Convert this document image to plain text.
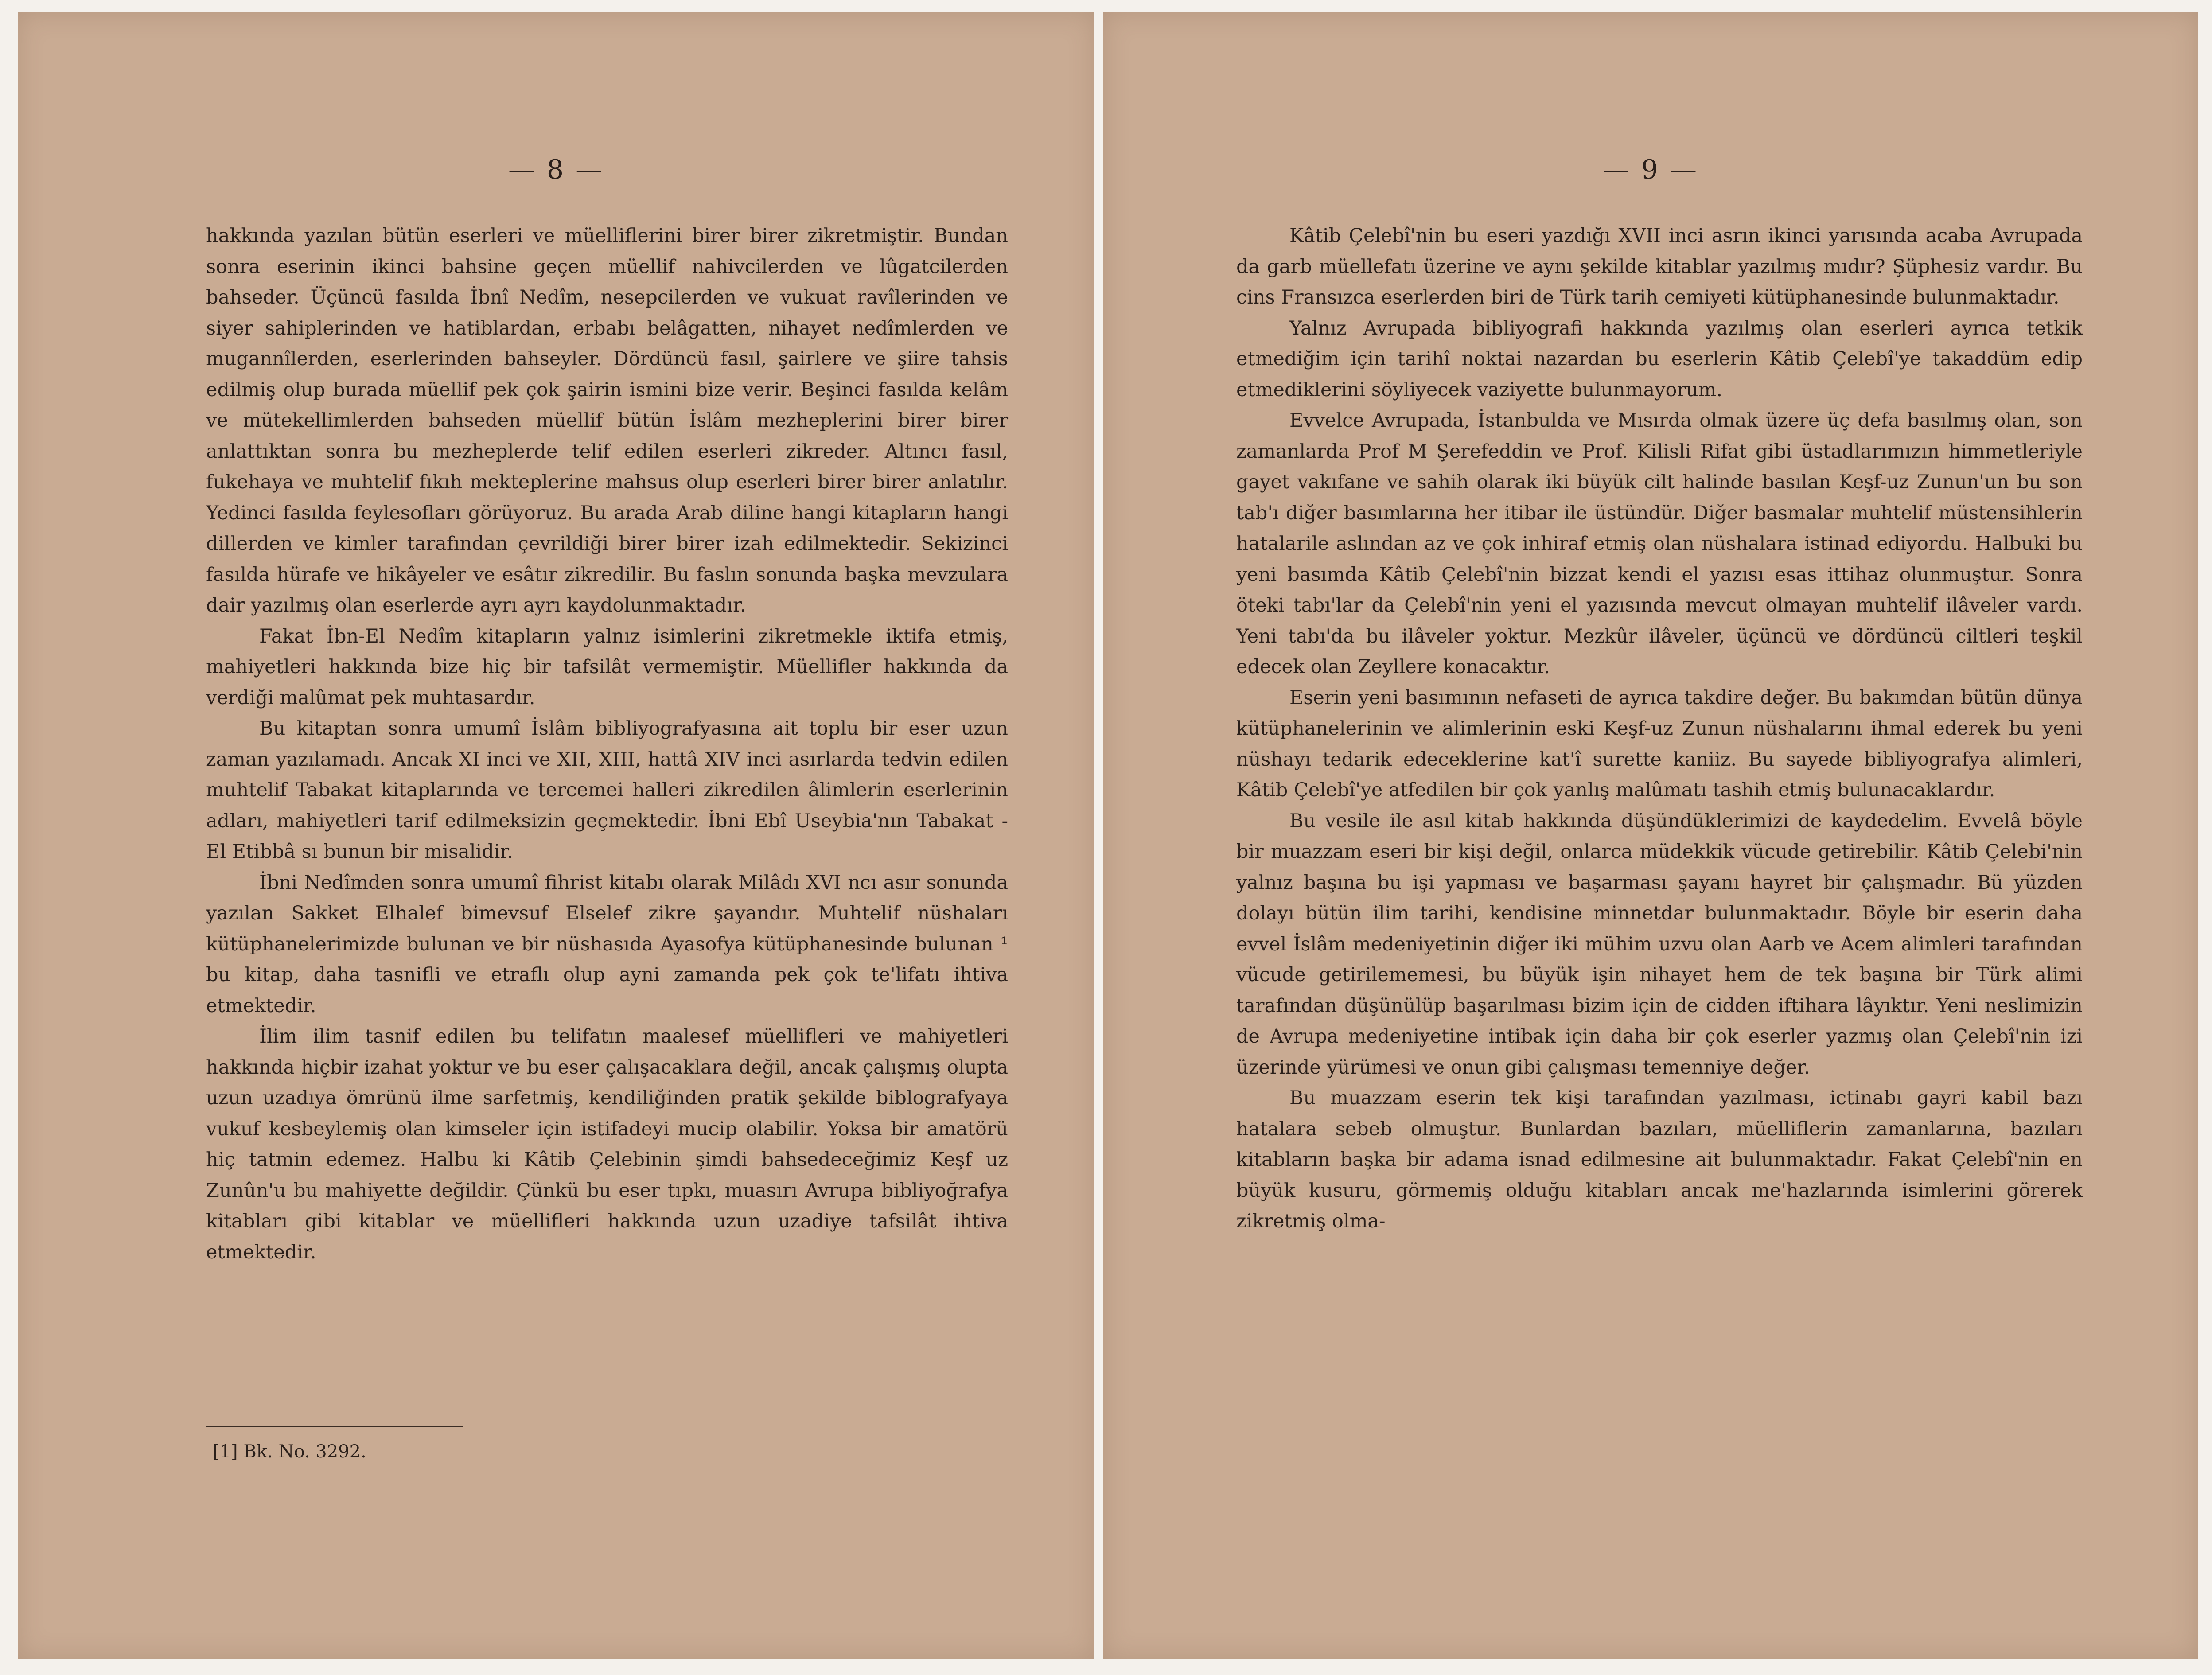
— 8 —

hakkında yazılan bütün eserleri ve müelliflerini birer birer zikretmiştir. Bundan sonra eserinin ikinci bahsine geçen müellif nahivcilerden ve lûgatcilerden bahseder. Üçüncü fasılda İbnî Nedîm, nesepcilerden ve vukuat ravîlerinden ve siyer sahiplerinden ve hatiblardan, erbabı belâgatten, nihayet nedîmlerden ve mugannîlerden, eserlerinden bahseyler. Dördüncü fasıl, şairlere ve şiire tahsis edilmiş olup burada müellif pek çok şairin ismini bize verir. Beşinci fasılda kelâm ve mütekellimlerden bahseden müellif bütün İslâm mezheplerini birer birer anlattıktan sonra bu mezheplerde telif edilen eserleri zikreder. Altıncı fasıl, fukehaya ve muhtelif fıkıh mekteplerine mahsus olup eserleri birer birer anlatılır. Yedinci fasılda feylesofları görüyoruz. Bu arada Arab diline hangi kitapların hangi dillerden ve kimler tarafından çevrildiği birer birer izah edilmektedir. Sekizinci fasılda hürafe ve hikâyeler ve esâtır zikredilir. Bu faslın sonunda başka mevzulara dair yazılmış olan eserlerde ayrı ayrı kaydolunmaktadır.

Fakat İbn-El Nedîm kitapların yalnız isimlerini zikretmekle iktifa etmiş, mahiyetleri hakkında bize hiç bir tafsilât vermemiştir. Müellifler hakkında da verdiği malûmat pek muhtasardır.

Bu kitaptan sonra umumî İslâm bibliyografyasına ait toplu bir eser uzun zaman yazılamadı. Ancak XI inci ve XII, XIII, hattâ XIV inci asırlarda tedvin edilen muhtelif Tabakat kitaplarında ve tercemei halleri zikredilen âlimlerin eserlerinin adları, mahiyetleri tarif edilmeksizin geçmektedir. İbni Ebî Useybia'nın Tabakat - El Etibbâ sı bunun bir misalidir.

İbni Nedîmden sonra umumî fihrist kitabı olarak Milâdı XVI ncı asır sonunda yazılan Sakket Elhalef bimevsuf Elselef zikre şayandır. Muhtelif nüshaları kütüphanelerimizde bulunan ve bir nüshasıda Ayasofya kütüphanesinde bulunan ¹ bu kitap, daha tasnifli ve etraflı olup ayni zamanda pek çok te'lifatı ihtiva etmektedir.

İlim ilim tasnif edilen bu telifatın maalesef müellifleri ve mahiyetleri hakkında hiçbir izahat yoktur ve bu eser çalışacaklara değil, ancak çalışmış olupta uzun uzadıya ömrünü ilme sarfetmiş, kendiliğinden pratik şekilde biblografyaya vukuf kesbeylemiş olan kimseler için istifadeyi mucip olabilir. Yoksa bir amatörü hiç tatmin edemez. Halbu ki Kâtib Çelebinin şimdi bahsedeceğimiz Keşf uz Zunûn'u bu mahiyette değildir. Çünkü bu eser tıpkı, muasırı Avrupa bibliyoğrafya kitabları gibi kitablar ve müellifleri hakkında uzun uzadiye tafsilât ihtiva etmektedir.

[1] Bk. No. 3292.
— 9 —

Kâtib Çelebî'nin bu eseri yazdığı XVII inci asrın ikinci yarısında acaba Avrupada da garb müellefatı üzerine ve aynı şekilde kitablar yazılmış mıdır? Şüphesiz vardır. Bu cins Fransızca eserlerden biri de Türk tarih cemiyeti kütüphanesinde bulunmaktadır.

Yalnız Avrupada bibliyografi hakkında yazılmış olan eserleri ayrıca tetkik etmediğim için tarihî noktai nazardan bu eserlerin Kâtib Çelebî'ye takaddüm edip etmediklerini söyliyecek vaziyette bulunmayorum.

Evvelce Avrupada, İstanbulda ve Mısırda olmak üzere üç defa basılmış olan, son zamanlarda Prof M Şerefeddin ve Prof. Kilisli Rifat gibi üstadlarımızın himmetleriyle gayet vakıfane ve sahih olarak iki büyük cilt halinde basılan Keşf-uz Zunun'un bu son tab'ı diğer basımlarına her itibar ile üstündür. Diğer basmalar muhtelif müstensihlerin hatalarile aslından az ve çok inhiraf etmiş olan nüshalara istinad ediyordu. Halbuki bu yeni basımda Kâtib Çelebî'nin bizzat kendi el yazısı esas ittihaz olunmuştur. Sonra öteki tabı'lar da Çelebî'nin yeni el yazısında mevcut olmayan muhtelif ilâveler vardı. Yeni tabı'da bu ilâveler yoktur. Mezkûr ilâveler, üçüncü ve dördüncü ciltleri teşkil edecek olan Zeyllere konacaktır.

Eserin yeni basımının nefaseti de ayrıca takdire değer. Bu bakımdan bütün dünya kütüphanelerinin ve alimlerinin eski Keşf-uz Zunun nüshalarını ihmal ederek bu yeni nüshayı tedarik edeceklerine kat'î surette kaniiz. Bu sayede bibliyografya alimleri, Kâtib Çelebî'ye atfedilen bir çok yanlış malûmatı tashih etmiş bulunacaklardır.

Bu vesile ile asıl kitab hakkında düşündüklerimizi de kaydedelim. Evvelâ böyle bir muazzam eseri bir kişi değil, onlarca müdekkik vücude getirebilir. Kâtib Çelebi'nin yalnız başına bu işi yapması ve başarması şayanı hayret bir çalışmadır. Bü yüzden dolayı bütün ilim tarihi, kendisine minnetdar bulunmaktadır. Böyle bir eserin daha evvel İslâm medeniyetinin diğer iki mühim uzvu olan Aarb ve Acem alimleri tarafından vücude getirilememesi, bu büyük işin nihayet hem de tek başına bir Türk alimi tarafından düşünülüp başarılması bizim için de cidden iftihara lâyıktır. Yeni neslimizin de Avrupa medeniyetine intibak için daha bir çok eserler yazmış olan Çelebî'nin izi üzerinde yürümesi ve onun gibi çalışması temenniye değer.

Bu muazzam eserin tek kişi tarafından yazılması, ictinabı gayri kabil bazı hatalara sebeb olmuştur. Bunlardan bazıları, müelliflerin zamanlarına, bazıları kitabların başka bir adama isnad edilmesine ait bulunmaktadır. Fakat Çelebî'nin en büyük kusuru, görmemiş olduğu kitabları ancak me'hazlarında isimlerini görerek zikretmiş olma-
